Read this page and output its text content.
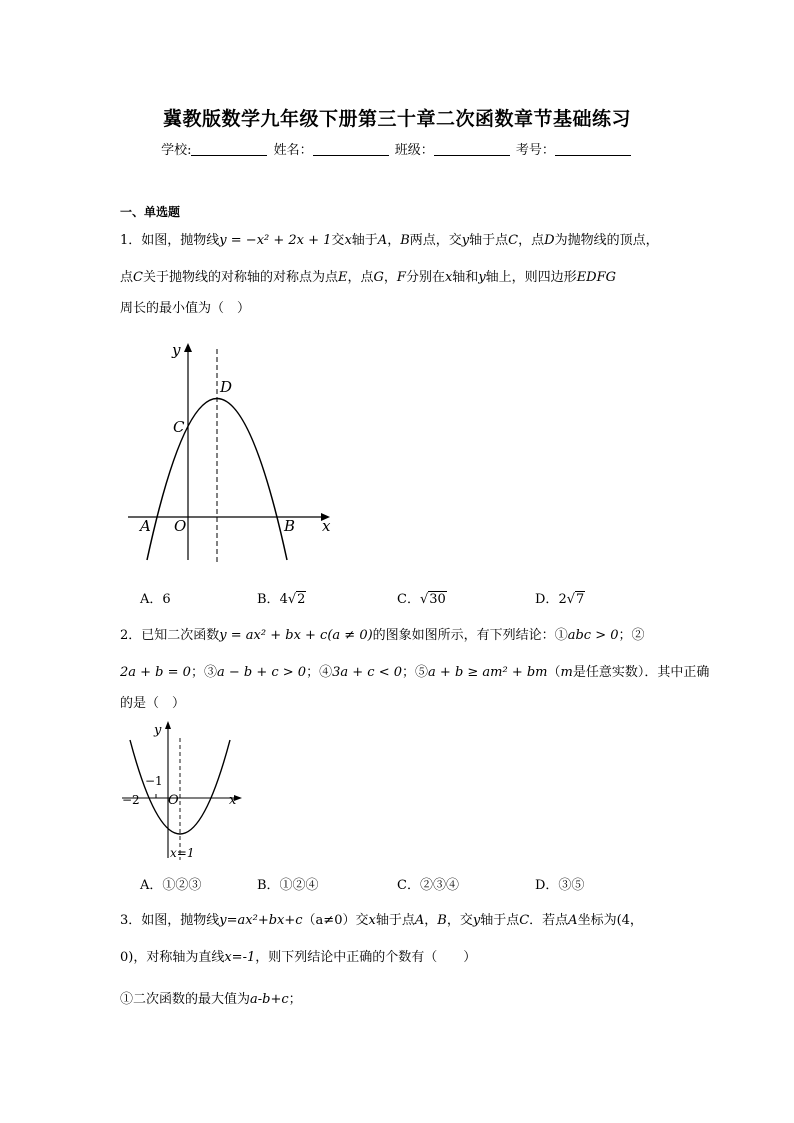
冀教版数学九年级下册第三十章二次函数章节基础练习
学校:	姓名：	班级：	考号：
一、单选题
1．如图，抛物线y = −x² + 2x + 1交x轴于A，B两点，交y轴于点C，点D为抛物线的顶点，
点C关于抛物线的对称轴的对称点为点E，点G，F分别在x轴和y轴上，则四边形EDFG
周长的最小值为（　）
y
x
D
C
A O	B
A．6	B．4√2	C．√30	D．2√7
2．已知二次函数y = ax² + bx + c(a ≠ 0)的图象如图所示，有下列结论：①abc > 0；②
2a + b = 0；③a − b + c > 0；④3a + c < 0；⑤a + b ≥ am² + bm（m是任意实数）．其中正确
的是（　）
y
x
−1
−2 O
x=1
A．①②③	B．①②④	C．②③④	D．③⑤
3．如图，抛物线y=ax²+bx+c（a≠0）交x轴于点A，B，交y轴于点C．若点A坐标为(4，
0)，对称轴为直线x=-1，则下列结论中正确的个数有（　　）
①二次函数的最大值为a-b+c；
